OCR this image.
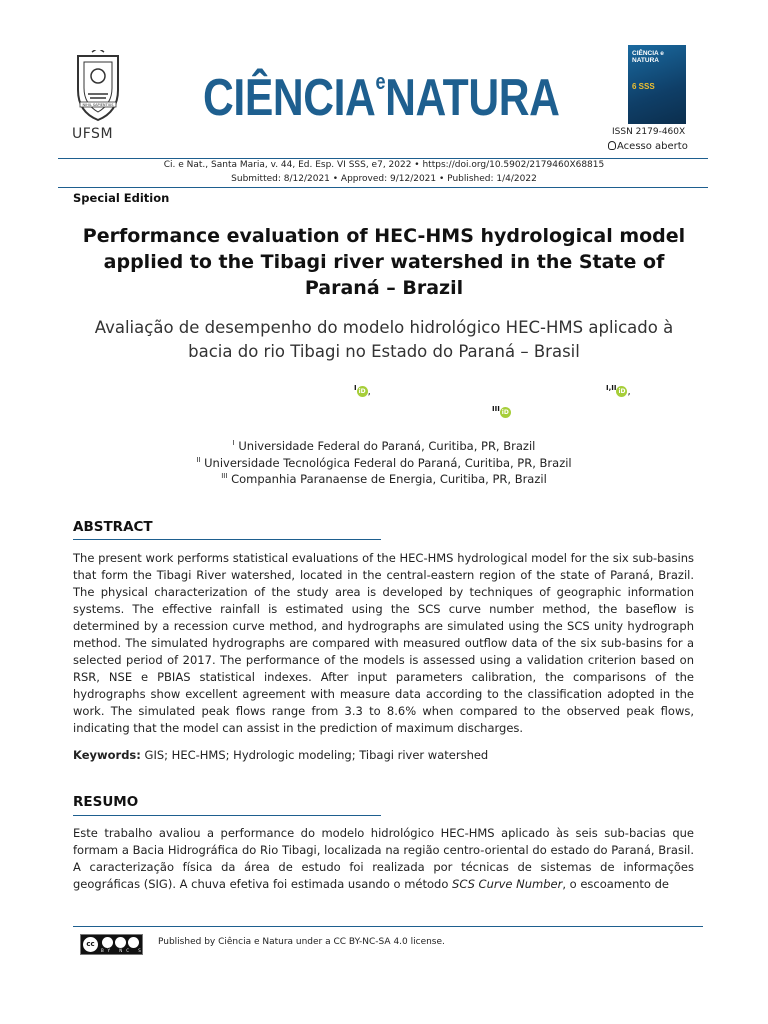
NIHIL SAPIENTIUS
UFSM
CIÊNCIA$^e$NATURA
CIÊNCIA e NATURA
6 SSS
ISSN 2179-460X
Acesso aberto
Ci. e Nat., Santa Maria, v. 44, Ed. Esp. VI SSS, e7, 2022 • https://doi.org/10.5902/2179460X68815
Submitted: 8/12/2021 • Approved: 9/12/2021 • Published: 1/4/2022
Special Edition
Performance evaluation of HEC-HMS hydrological model applied to the Tibagi river watershed in the State of Paraná – Brazil
Avaliação de desempenho do modelo hidrológico HEC-HMS aplicado à bacia do rio Tibagi no Estado do Paraná – Brasil
$^I$ iD ,	$^{I,II}$ iD ,
$^{III}$ iD
$^I$ Universidade Federal do Paraná, Curitiba, PR, Brazil
$^{II}$ Universidade Tecnológica Federal do Paraná, Curitiba, PR, Brazil
$^{III}$ Companhia Paranaense de Energia, Curitiba, PR, Brazil
ABSTRACT
The present work performs statistical evaluations of the HEC-HMS hydrological model for the six sub-basins that form the Tibagi River watershed, located in the central-eastern region of the state of Paraná, Brazil. The physical characterization of the study area is developed by techniques of geographic information systems. The effective rainfall is estimated using the SCS curve number method, the baseflow is determined by a recession curve method, and hydrographs are simulated using the SCS unity hydrograph method. The simulated hydrographs are compared with measured outflow data of the six sub-basins for a selected period of 2017. The performance of the models is assessed using a validation criterion based on RSR, NSE e PBIAS statistical indexes. After input parameters calibration, the comparisons of the hydrographs show excellent agreement with measure data according to the classification adopted in the work. The simulated peak flows range from 3.3 to 8.6% when compared to the observed peak flows, indicating that the model can assist in the prediction of maximum discharges.
Keywords: GIS; HEC-HMS; Hydrologic modeling; Tibagi river watershed
RESUMO
Este trabalho avaliou a performance do modelo hidrológico HEC-HMS aplicado às seis sub-bacias que formam a Bacia Hidrográfica do Rio Tibagi, localizada na região centro-oriental do estado do Paraná, Brasil. A caracterização física da área de estudo foi realizada por técnicas de sistemas de informações geográficas (SIG). A chuva efetiva foi estimada usando o método SCS Curve Number, o escoamento de
cc
BY NC SA
Published by Ciência e Natura under a CC BY-NC-SA 4.0 license.
